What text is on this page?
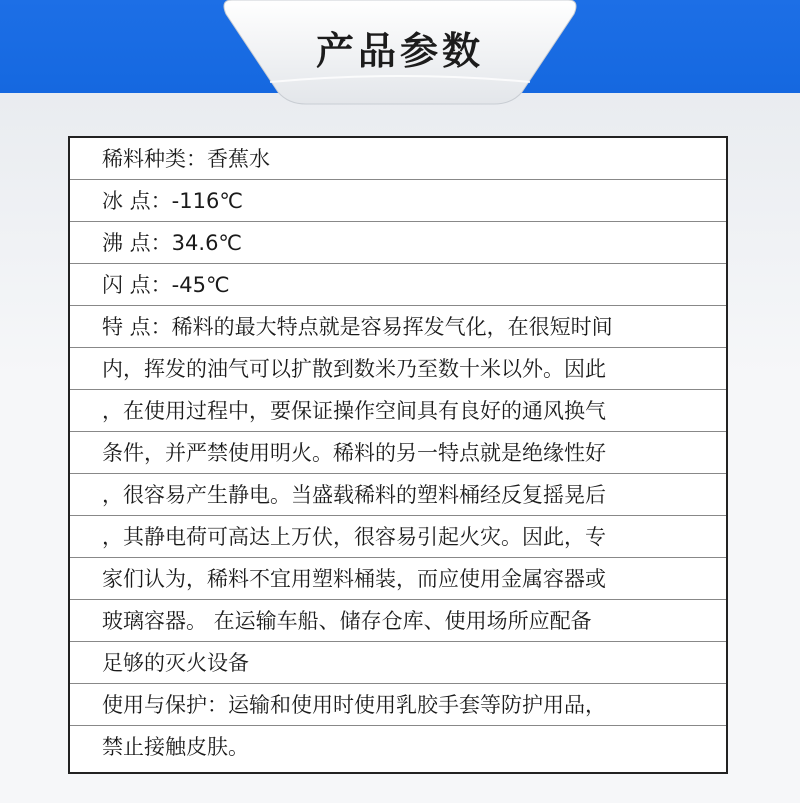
产品参数
稀料种类：香蕉水
冰 点：-116℃
沸 点：34.6℃
闪 点：-45℃
特 点：稀料的最大特点就是容易挥发气化，在很短时间
内，挥发的油气可以扩散到数米乃至数十米以外。因此
，在使用过程中，要保证操作空间具有良好的通风换气
条件，并严禁使用明火。稀料的另一特点就是绝缘性好
，很容易产生静电。当盛载稀料的塑料桶经反复摇晃后
，其静电荷可高达上万伏，很容易引起火灾。因此，专
家们认为，稀料不宜用塑料桶装，而应使用金属容器或
玻璃容器。 在运输车船、储存仓库、使用场所应配备
足够的灭火设备
使用与保护：运输和使用时使用乳胶手套等防护用品，
禁止接触皮肤。
